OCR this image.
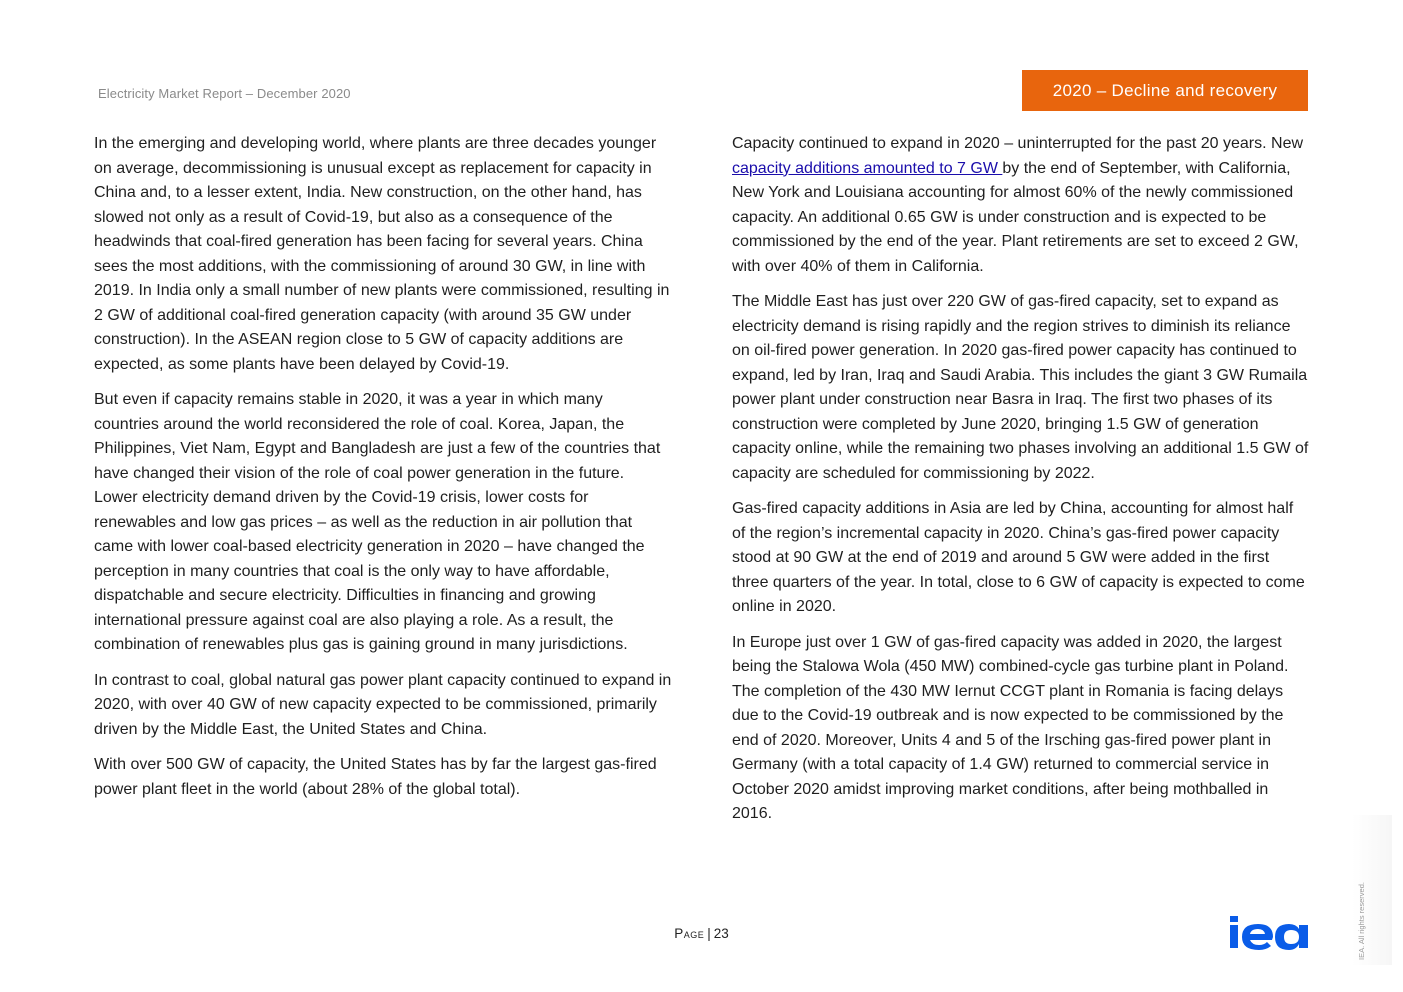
Electricity Market Report – December 2020	2020 – Decline and recovery

In the emerging and developing world, where plants are three decades younger on average, decommissioning is unusual except as replacement for capacity in China and, to a lesser extent, India. New construction, on the other hand, has slowed not only as a result of Covid-19, but also as a consequence of the headwinds that coal-fired generation has been facing for several years. China sees the most additions, with the commissioning of around 30 GW, in line with 2019. In India only a small number of new plants were commissioned, resulting in 2 GW of additional coal-fired generation capacity (with around 35 GW under construction). In the ASEAN region close to 5 GW of capacity additions are expected, as some plants have been delayed by Covid-19.

But even if capacity remains stable in 2020, it was a year in which many countries around the world reconsidered the role of coal. Korea, Japan, the Philippines, Viet Nam, Egypt and Bangladesh are just a few of the countries that have changed their vision of the role of coal power generation in the future. Lower electricity demand driven by the Covid-19 crisis, lower costs for renewables and low gas prices – as well as the reduction in air pollution that came with lower coal-based electricity generation in 2020 – have changed the perception in many countries that coal is the only way to have affordable, dispatchable and secure electricity. Difficulties in financing and growing international pressure against coal are also playing a role. As a result, the combination of renewables plus gas is gaining ground in many jurisdictions.

In contrast to coal, global natural gas power plant capacity continued to expand in 2020, with over 40 GW of new capacity expected to be commissioned, primarily driven by the Middle East, the United States and China.

With over 500 GW of capacity, the United States has by far the largest gas-fired power plant fleet in the world (about 28% of the global total).

Capacity continued to expand in 2020 – uninterrupted for the past 20 years. New capacity additions amounted to 7 GW by the end of September, with California, New York and Louisiana accounting for almost 60% of the newly commissioned capacity. An additional 0.65 GW is under construction and is expected to be commissioned by the end of the year. Plant retirements are set to exceed 2 GW, with over 40% of them in California.

The Middle East has just over 220 GW of gas-fired capacity, set to expand as electricity demand is rising rapidly and the region strives to diminish its reliance on oil-fired power generation. In 2020 gas-fired power capacity has continued to expand, led by Iran, Iraq and Saudi Arabia. This includes the giant 3 GW Rumaila power plant under construction near Basra in Iraq. The first two phases of its construction were completed by June 2020, bringing 1.5 GW of generation capacity online, while the remaining two phases involving an additional 1.5 GW of capacity are scheduled for commissioning by 2022.

Gas-fired capacity additions in Asia are led by China, accounting for almost half of the region’s incremental capacity in 2020. China’s gas-fired power capacity stood at 90 GW at the end of 2019 and around 5 GW were added in the first three quarters of the year. In total, close to 6 GW of capacity is expected to come online in 2020.

In Europe just over 1 GW of gas-fired capacity was added in 2020, the largest being the Stalowa Wola (450 MW) combined-cycle gas turbine plant in Poland. The completion of the 430 MW Iernut CCGT plant in Romania is facing delays due to the Covid-19 outbreak and is now expected to be commissioned by the end of 2020. Moreover, Units 4 and 5 of the Irsching gas-fired power plant in Germany (with a total capacity of 1.4 GW) returned to commercial service in October 2020 amidst improving market conditions, after being mothballed in 2016.

Page | 23	IEA. All rights reserved.
